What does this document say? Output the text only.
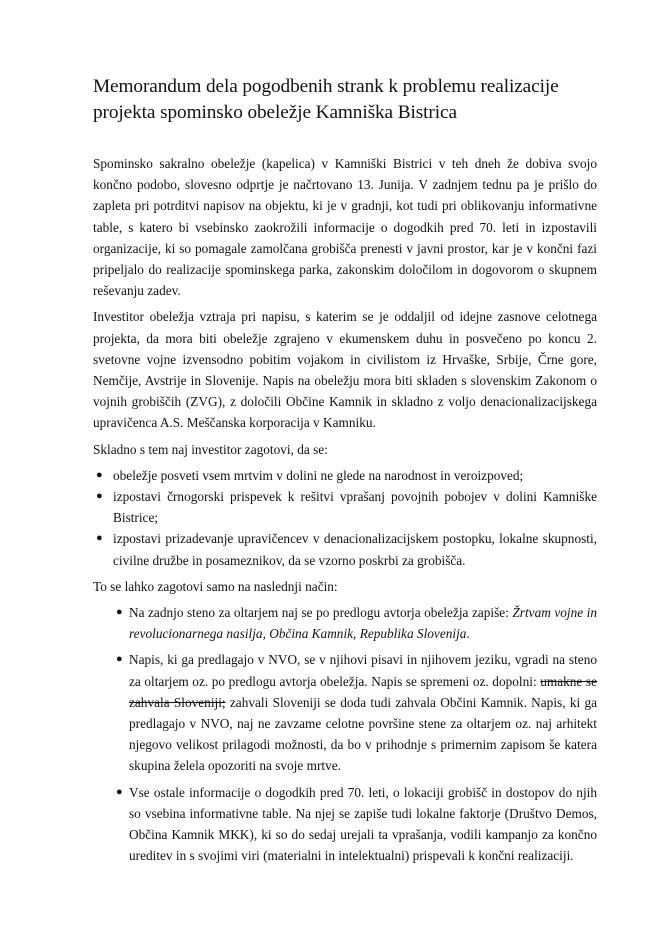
Memorandum dela pogodbenih strank k problemu realizacije projekta spominsko obeležje Kamniška Bistrica

Spominsko sakralno obeležje (kapelica) v Kamniški Bistrici v teh dneh že dobiva svojo končno podobo, slovesno odprtje je načrtovano 13. Junija. V zadnjem tednu pa je prišlo do zapleta pri potrditvi napisov na objektu, ki je v gradnji, kot tudi pri oblikovanju informativne table, s katero bi vsebinsko zaokrožili informacije o dogodkih pred 70. leti in izpostavili organizacije, ki so pomagale zamolčana grobišča prenesti v javni prostor, kar je v končni fazi pripeljalo do realizacije spominskega parka, zakonskim določilom in dogovorom o skupnem reševanju zadev.

Investitor obeležja vztraja pri napisu, s katerim se je oddaljil od idejne zasnove celotnega projekta, da mora biti obeležje zgrajeno v ekumenskem duhu in posvečeno po koncu 2. svetovne vojne izvensodno pobitim vojakom in civilistom iz Hrvaške, Srbije, Črne gore, Nemčije, Avstrije in Slovenije. Napis na obeležju mora biti skladen s slovenskim Zakonom o vojnih grobiščih (ZVG), z določili Občine Kamnik in skladno z voljo denacionalizacijskega upravičenca A.S. Meščanska korporacija v Kamniku.

Skladno s tem naj investitor zagotovi, da se:

● obeležje posveti vsem mrtvim v dolini ne glede na narodnost in veroizpoved;
● izpostavi črnogorski prispevek k rešitvi vprašanj povojnih pobojev v dolini Kamniške Bistrice;
● izpostavi prizadevanje upravičencev v denacionalizacijskem postopku, lokalne skupnosti, civilne družbe in posameznikov, da se vzorno poskrbi za grobišča.

To se lahko zagotovi samo na naslednji način:

● Na zadnjo steno za oltarjem naj se po predlogu avtorja obeležja zapiše: Žrtvam vojne in revolucionarnega nasilja, Občina Kamnik, Republika Slovenija.
● Napis, ki ga predlagajo v NVO, se v njihovi pisavi in njihovem jeziku, vgradi na steno za oltarjem oz. po predlogu avtorja obeležja. Napis se spremeni oz. dopolni: umakne se zahvala Sloveniji; zahvali Sloveniji se doda tudi zahvala Občini Kamnik. Napis, ki ga predlagajo v NVO, naj ne zavzame celotne površine stene za oltarjem oz. naj arhitekt njegovo velikost prilagodi možnosti, da bo v prihodnje s primernim zapisom še katera skupina želela opozoriti na svoje mrtve.
● Vse ostale informacije o dogodkih pred 70. leti, o lokaciji grobišč in dostopov do njih so vsebina informativne table. Na njej se zapiše tudi lokalne faktorje (Društvo Demos, Občina Kamnik MKK), ki so do sedaj urejali ta vprašanja, vodili kampanjo za končno ureditev in s svojimi viri (materialni in intelektualni) prispevali k končni realizaciji.
